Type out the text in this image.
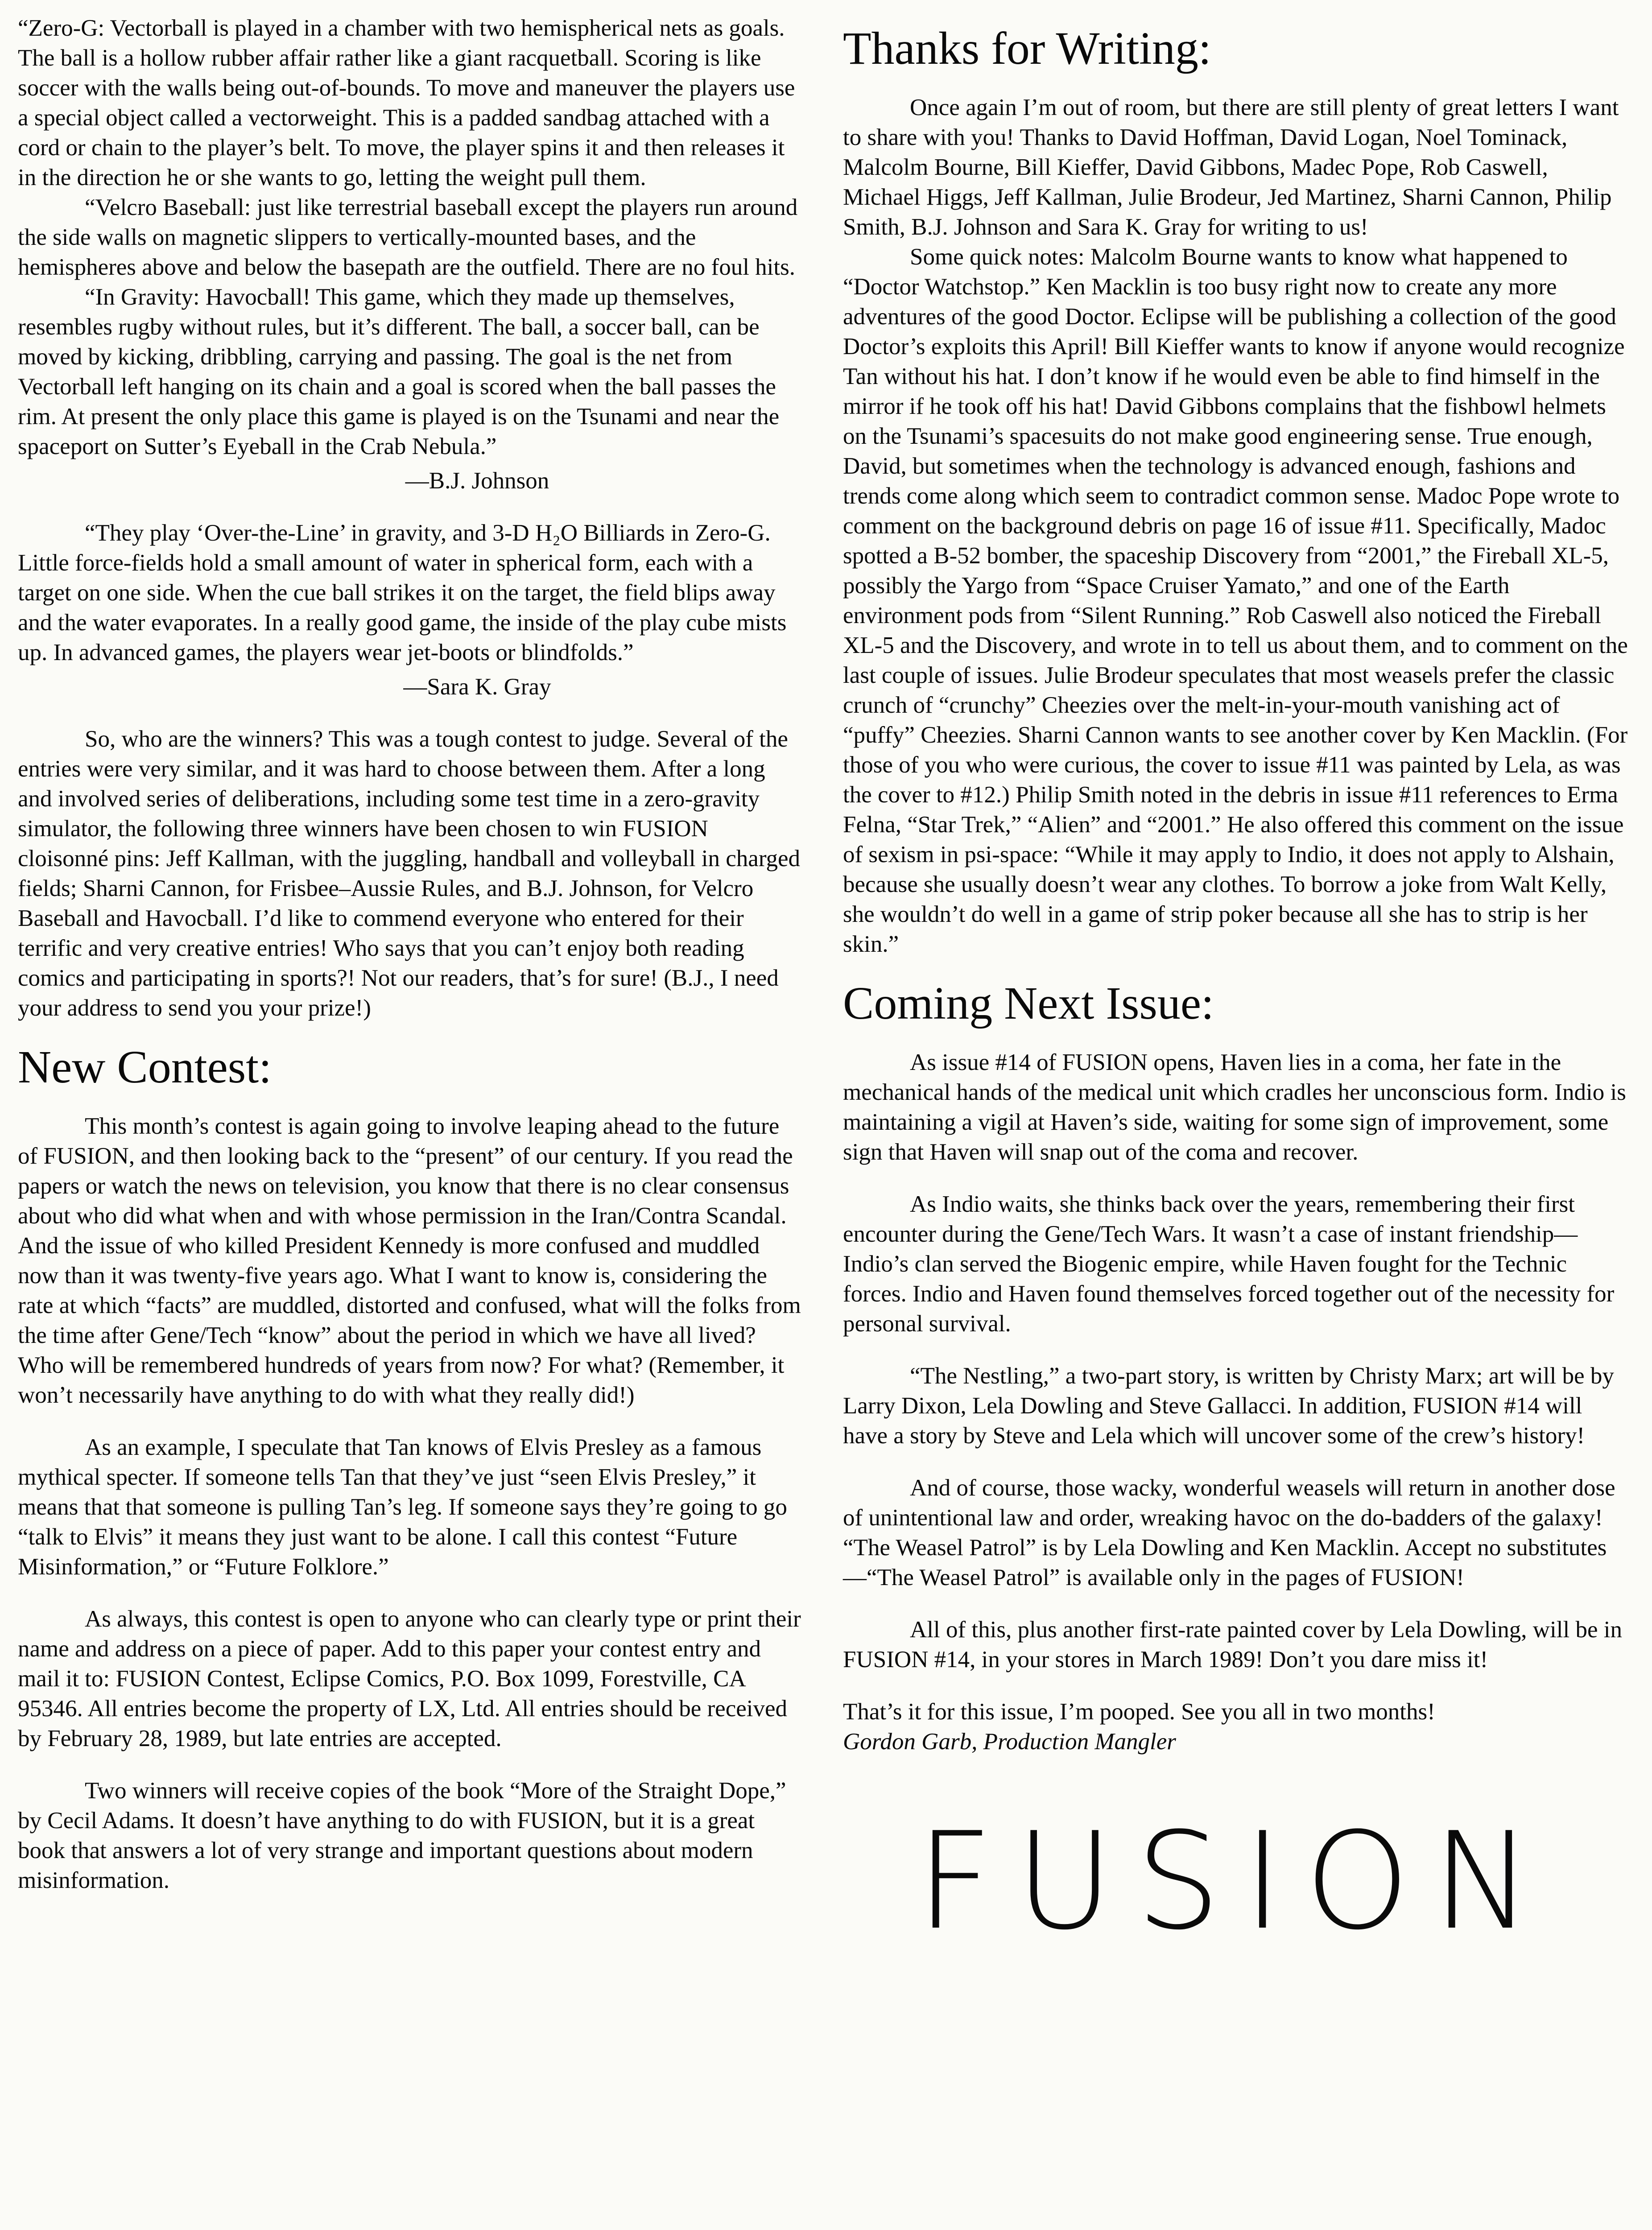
“Zero-G: Vectorball is played in a chamber with two hemispherical nets as goals. The ball is a hollow rubber affair rather like a giant racquetball. Scoring is like soccer with the walls being out-of-bounds. To move and maneuver the players use a special object called a vectorweight. This is a padded sandbag attached with a cord or chain to the player’s belt. To move, the player spins it and then releases it in the direction he or she wants to go, letting the weight pull them.

“Velcro Baseball: just like terrestrial baseball except the players run around the side walls on magnetic slippers to vertically-mounted bases, and the hemispheres above and below the basepath are the outfield. There are no foul hits.

“In Gravity: Havocball! This game, which they made up themselves, resembles rugby without rules, but it’s different. The ball, a soccer ball, can be moved by kicking, dribbling, carrying and passing. The goal is the net from Vectorball left hanging on its chain and a goal is scored when the ball passes the rim. At present the only place this game is played is on the Tsunami and near the spaceport on Sutter’s Eyeball in the Crab Nebula.”

—B.J. Johnson

“They play ‘Over-the-Line’ in gravity, and 3-D H₂O Billiards in Zero-G. Little force-fields hold a small amount of water in spherical form, each with a target on one side. When the cue ball strikes it on the target, the field blips away and the water evaporates. In a really good game, the inside of the play cube mists up. In advanced games, the players wear jet-boots or blindfolds.”

—Sara K. Gray

So, who are the winners? This was a tough contest to judge. Several of the entries were very similar, and it was hard to choose between them. After a long and involved series of deliberations, including some test time in a zero-gravity simulator, the following three winners have been chosen to win FUSION cloisonné pins: Jeff Kallman, with the juggling, handball and volleyball in charged fields; Sharni Cannon, for Frisbee–Aussie Rules, and B.J. Johnson, for Velcro Baseball and Havocball. I’d like to commend everyone who entered for their terrific and very creative entries! Who says that you can’t enjoy both reading comics and participating in sports?! Not our readers, that’s for sure! (B.J., I need your address to send you your prize!)

New Contest:

This month’s contest is again going to involve leaping ahead to the future of FUSION, and then looking back to the “present” of our century. If you read the papers or watch the news on television, you know that there is no clear consensus about who did what when and with whose permission in the Iran/Contra Scandal. And the issue of who killed President Kennedy is more confused and muddled now than it was twenty-five years ago. What I want to know is, considering the rate at which “facts” are muddled, distorted and confused, what will the folks from the time after Gene/Tech “know” about the period in which we have all lived? Who will be remembered hundreds of years from now? For what? (Remember, it won’t necessarily have anything to do with what they really did!)

As an example, I speculate that Tan knows of Elvis Presley as a famous mythical specter. If someone tells Tan that they’ve just “seen Elvis Presley,” it means that that someone is pulling Tan’s leg. If someone says they’re going to go “talk to Elvis” it means they just want to be alone. I call this contest “Future Misinformation,” or “Future Folklore.”

As always, this contest is open to anyone who can clearly type or print their name and address on a piece of paper. Add to this paper your contest entry and mail it to: FUSION Contest, Eclipse Comics, P.O. Box 1099, Forestville, CA 95346. All entries become the property of LX, Ltd. All entries should be received by February 28, 1989, but late entries are accepted.

Two winners will receive copies of the book “More of the Straight Dope,” by Cecil Adams. It doesn’t have anything to do with FUSION, but it is a great book that answers a lot of very strange and important questions about modern misinformation.

Thanks for Writing:

Once again I’m out of room, but there are still plenty of great letters I want to share with you! Thanks to David Hoffman, David Logan, Noel Tominack, Malcolm Bourne, Bill Kieffer, David Gibbons, Madec Pope, Rob Caswell, Michael Higgs, Jeff Kallman, Julie Brodeur, Jed Martinez, Sharni Cannon, Philip Smith, B.J. Johnson and Sara K. Gray for writing to us!

Some quick notes: Malcolm Bourne wants to know what happened to “Doctor Watchstop.” Ken Macklin is too busy right now to create any more adventures of the good Doctor. Eclipse will be publishing a collection of the good Doctor’s exploits this April! Bill Kieffer wants to know if anyone would recognize Tan without his hat. I don’t know if he would even be able to find himself in the mirror if he took off his hat! David Gibbons complains that the fishbowl helmets on the Tsunami’s spacesuits do not make good engineering sense. True enough, David, but sometimes when the technology is advanced enough, fashions and trends come along which seem to contradict common sense. Madoc Pope wrote to comment on the background debris on page 16 of issue #11. Specifically, Madoc spotted a B-52 bomber, the spaceship Discovery from “2001,” the Fireball XL-5, possibly the Yargo from “Space Cruiser Yamato,” and one of the Earth environment pods from “Silent Running.” Rob Caswell also noticed the Fireball XL-5 and the Discovery, and wrote in to tell us about them, and to comment on the last couple of issues. Julie Brodeur speculates that most weasels prefer the classic crunch of “crunchy” Cheezies over the melt-in-your-mouth vanishing act of “puffy” Cheezies. Sharni Cannon wants to see another cover by Ken Macklin. (For those of you who were curious, the cover to issue #11 was painted by Lela, as was the cover to #12.) Philip Smith noted in the debris in issue #11 references to Erma Felna, “Star Trek,” “Alien” and “2001.” He also offered this comment on the issue of sexism in psi-space: “While it may apply to Indio, it does not apply to Alshain, because she usually doesn’t wear any clothes. To borrow a joke from Walt Kelly, she wouldn’t do well in a game of strip poker because all she has to strip is her skin.”

Coming Next Issue:

As issue #14 of FUSION opens, Haven lies in a coma, her fate in the mechanical hands of the medical unit which cradles her unconscious form. Indio is maintaining a vigil at Haven’s side, waiting for some sign of improvement, some sign that Haven will snap out of the coma and recover.

As Indio waits, she thinks back over the years, remembering their first encounter during the Gene/Tech Wars. It wasn’t a case of instant friendship—Indio’s clan served the Biogenic empire, while Haven fought for the Technic forces. Indio and Haven found themselves forced together out of the necessity for personal survival.

“The Nestling,” a two-part story, is written by Christy Marx; art will be by Larry Dixon, Lela Dowling and Steve Gallacci. In addition, FUSION #14 will have a story by Steve and Lela which will uncover some of the crew’s history!

And of course, those wacky, wonderful weasels will return in another dose of unintentional law and order, wreaking havoc on the do-badders of the galaxy! “The Weasel Patrol” is by Lela Dowling and Ken Macklin. Accept no substitutes—“The Weasel Patrol” is available only in the pages of FUSION!

All of this, plus another first-rate painted cover by Lela Dowling, will be in FUSION #14, in your stores in March 1989! Don’t you dare miss it!

That’s it for this issue, I’m pooped. See you all in two months!

Gordon Garb, Production Mangler

FUSION
